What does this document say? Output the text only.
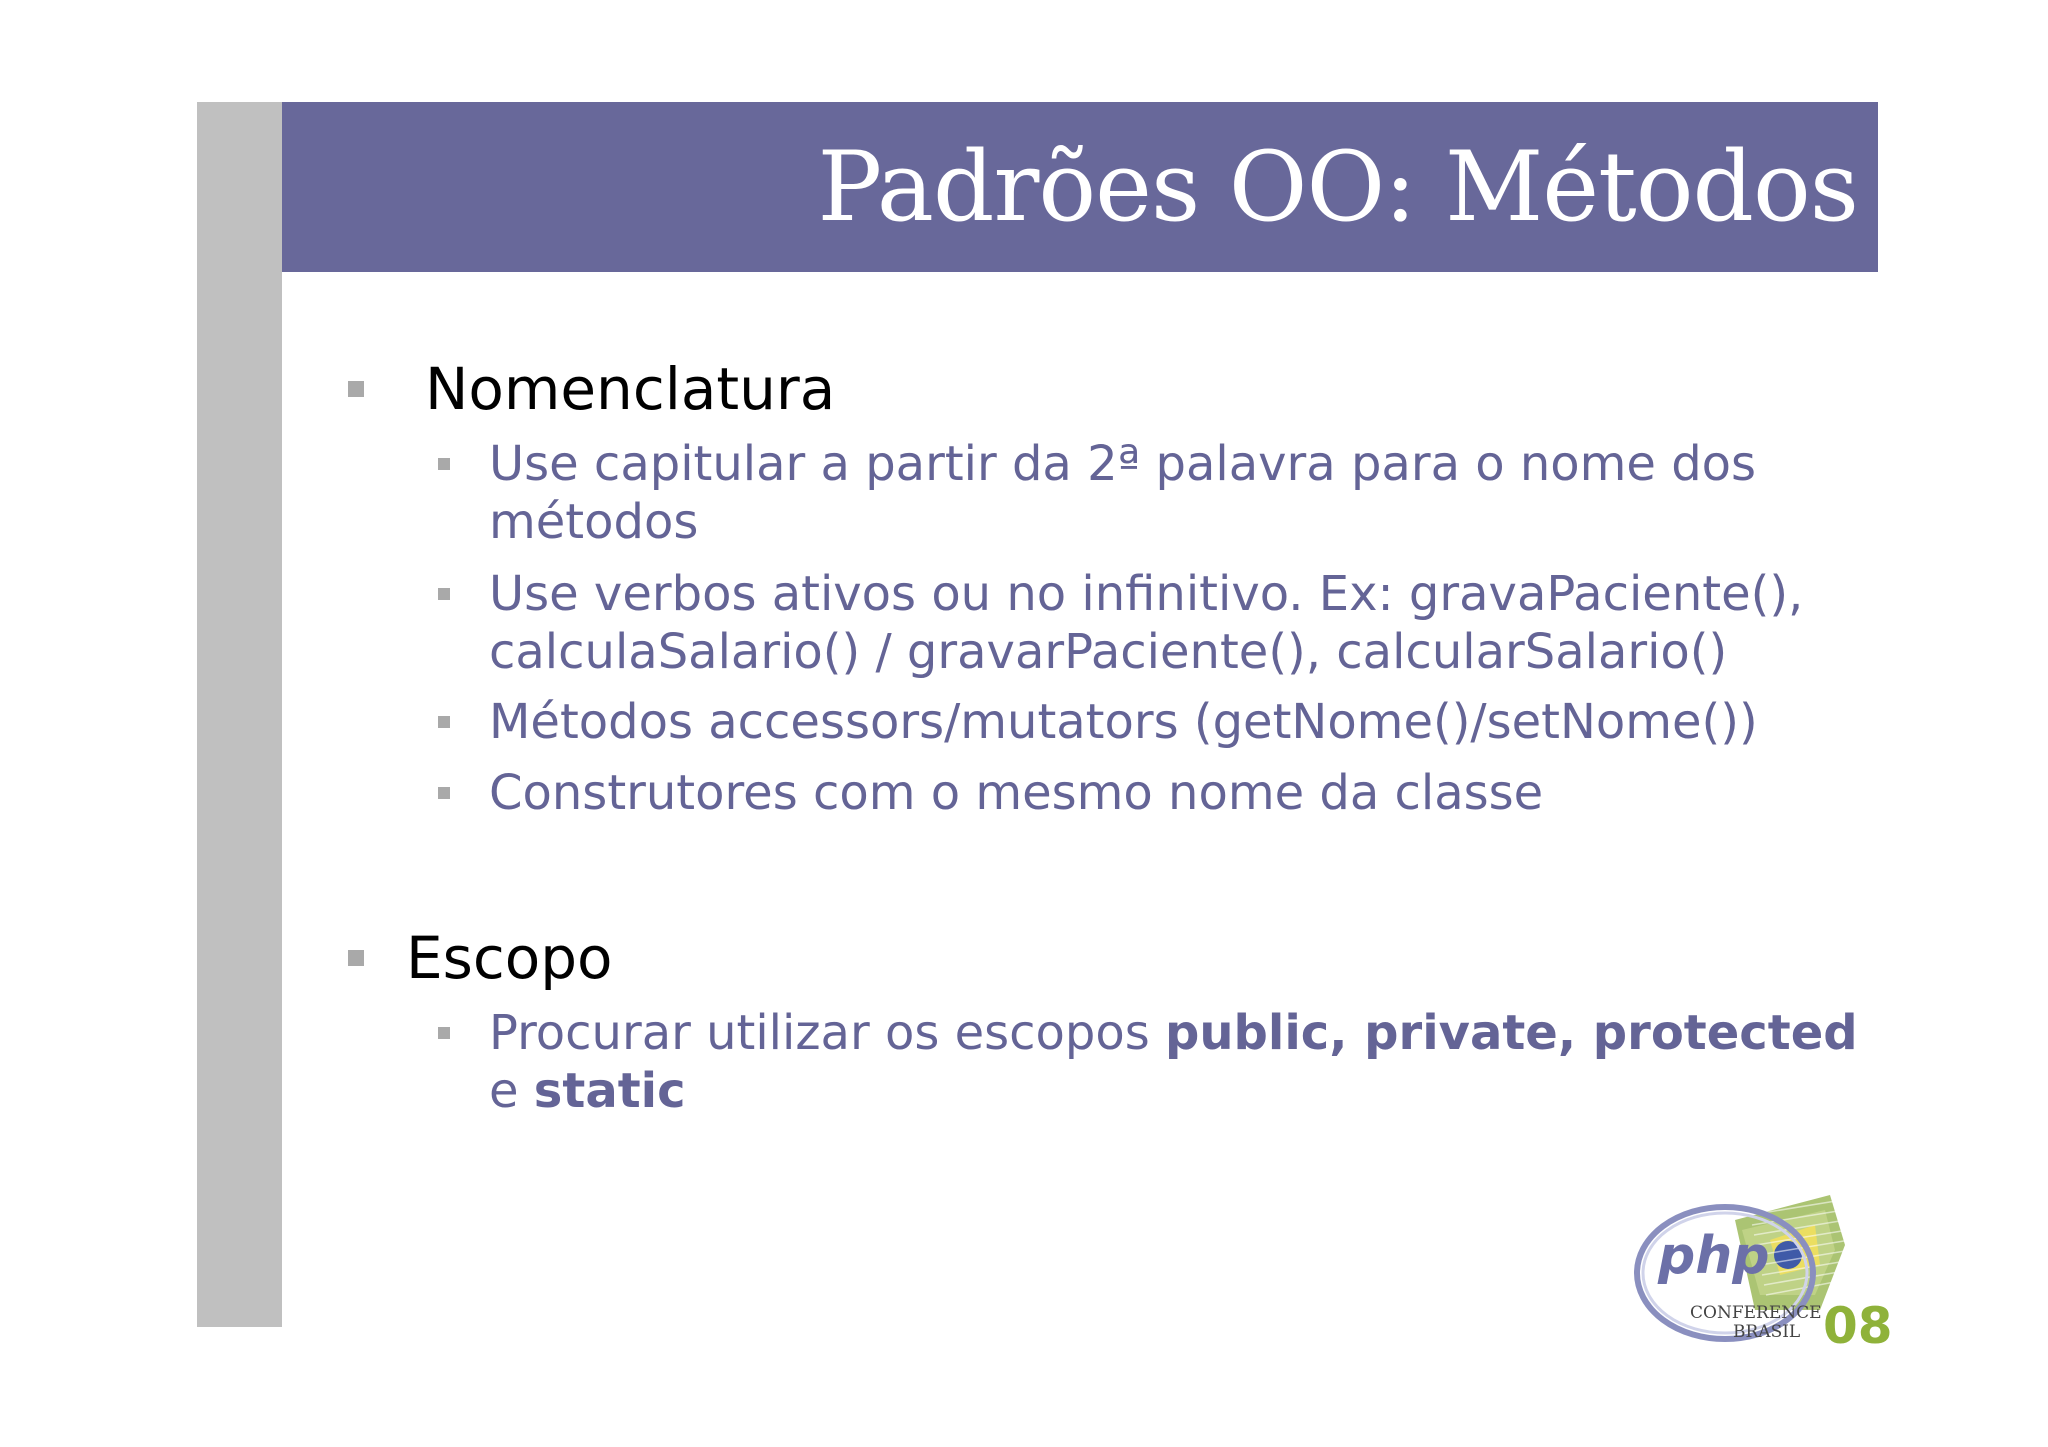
Padrões OO: Métodos
Nomenclatura
Use capitular a partir da 2ª palavra para o nome dos métodos
Use verbos ativos ou no infinitivo. Ex: gravaPaciente(), calculaSalario() / gravarPaciente(), calcularSalario()
Métodos accessors/mutators (getNome()/setNome())
Construtores com o mesmo nome da classe
Escopo
Procurar utilizar os escopos public, private, protected e static
php
CONFERENCE
BRASIL 08
